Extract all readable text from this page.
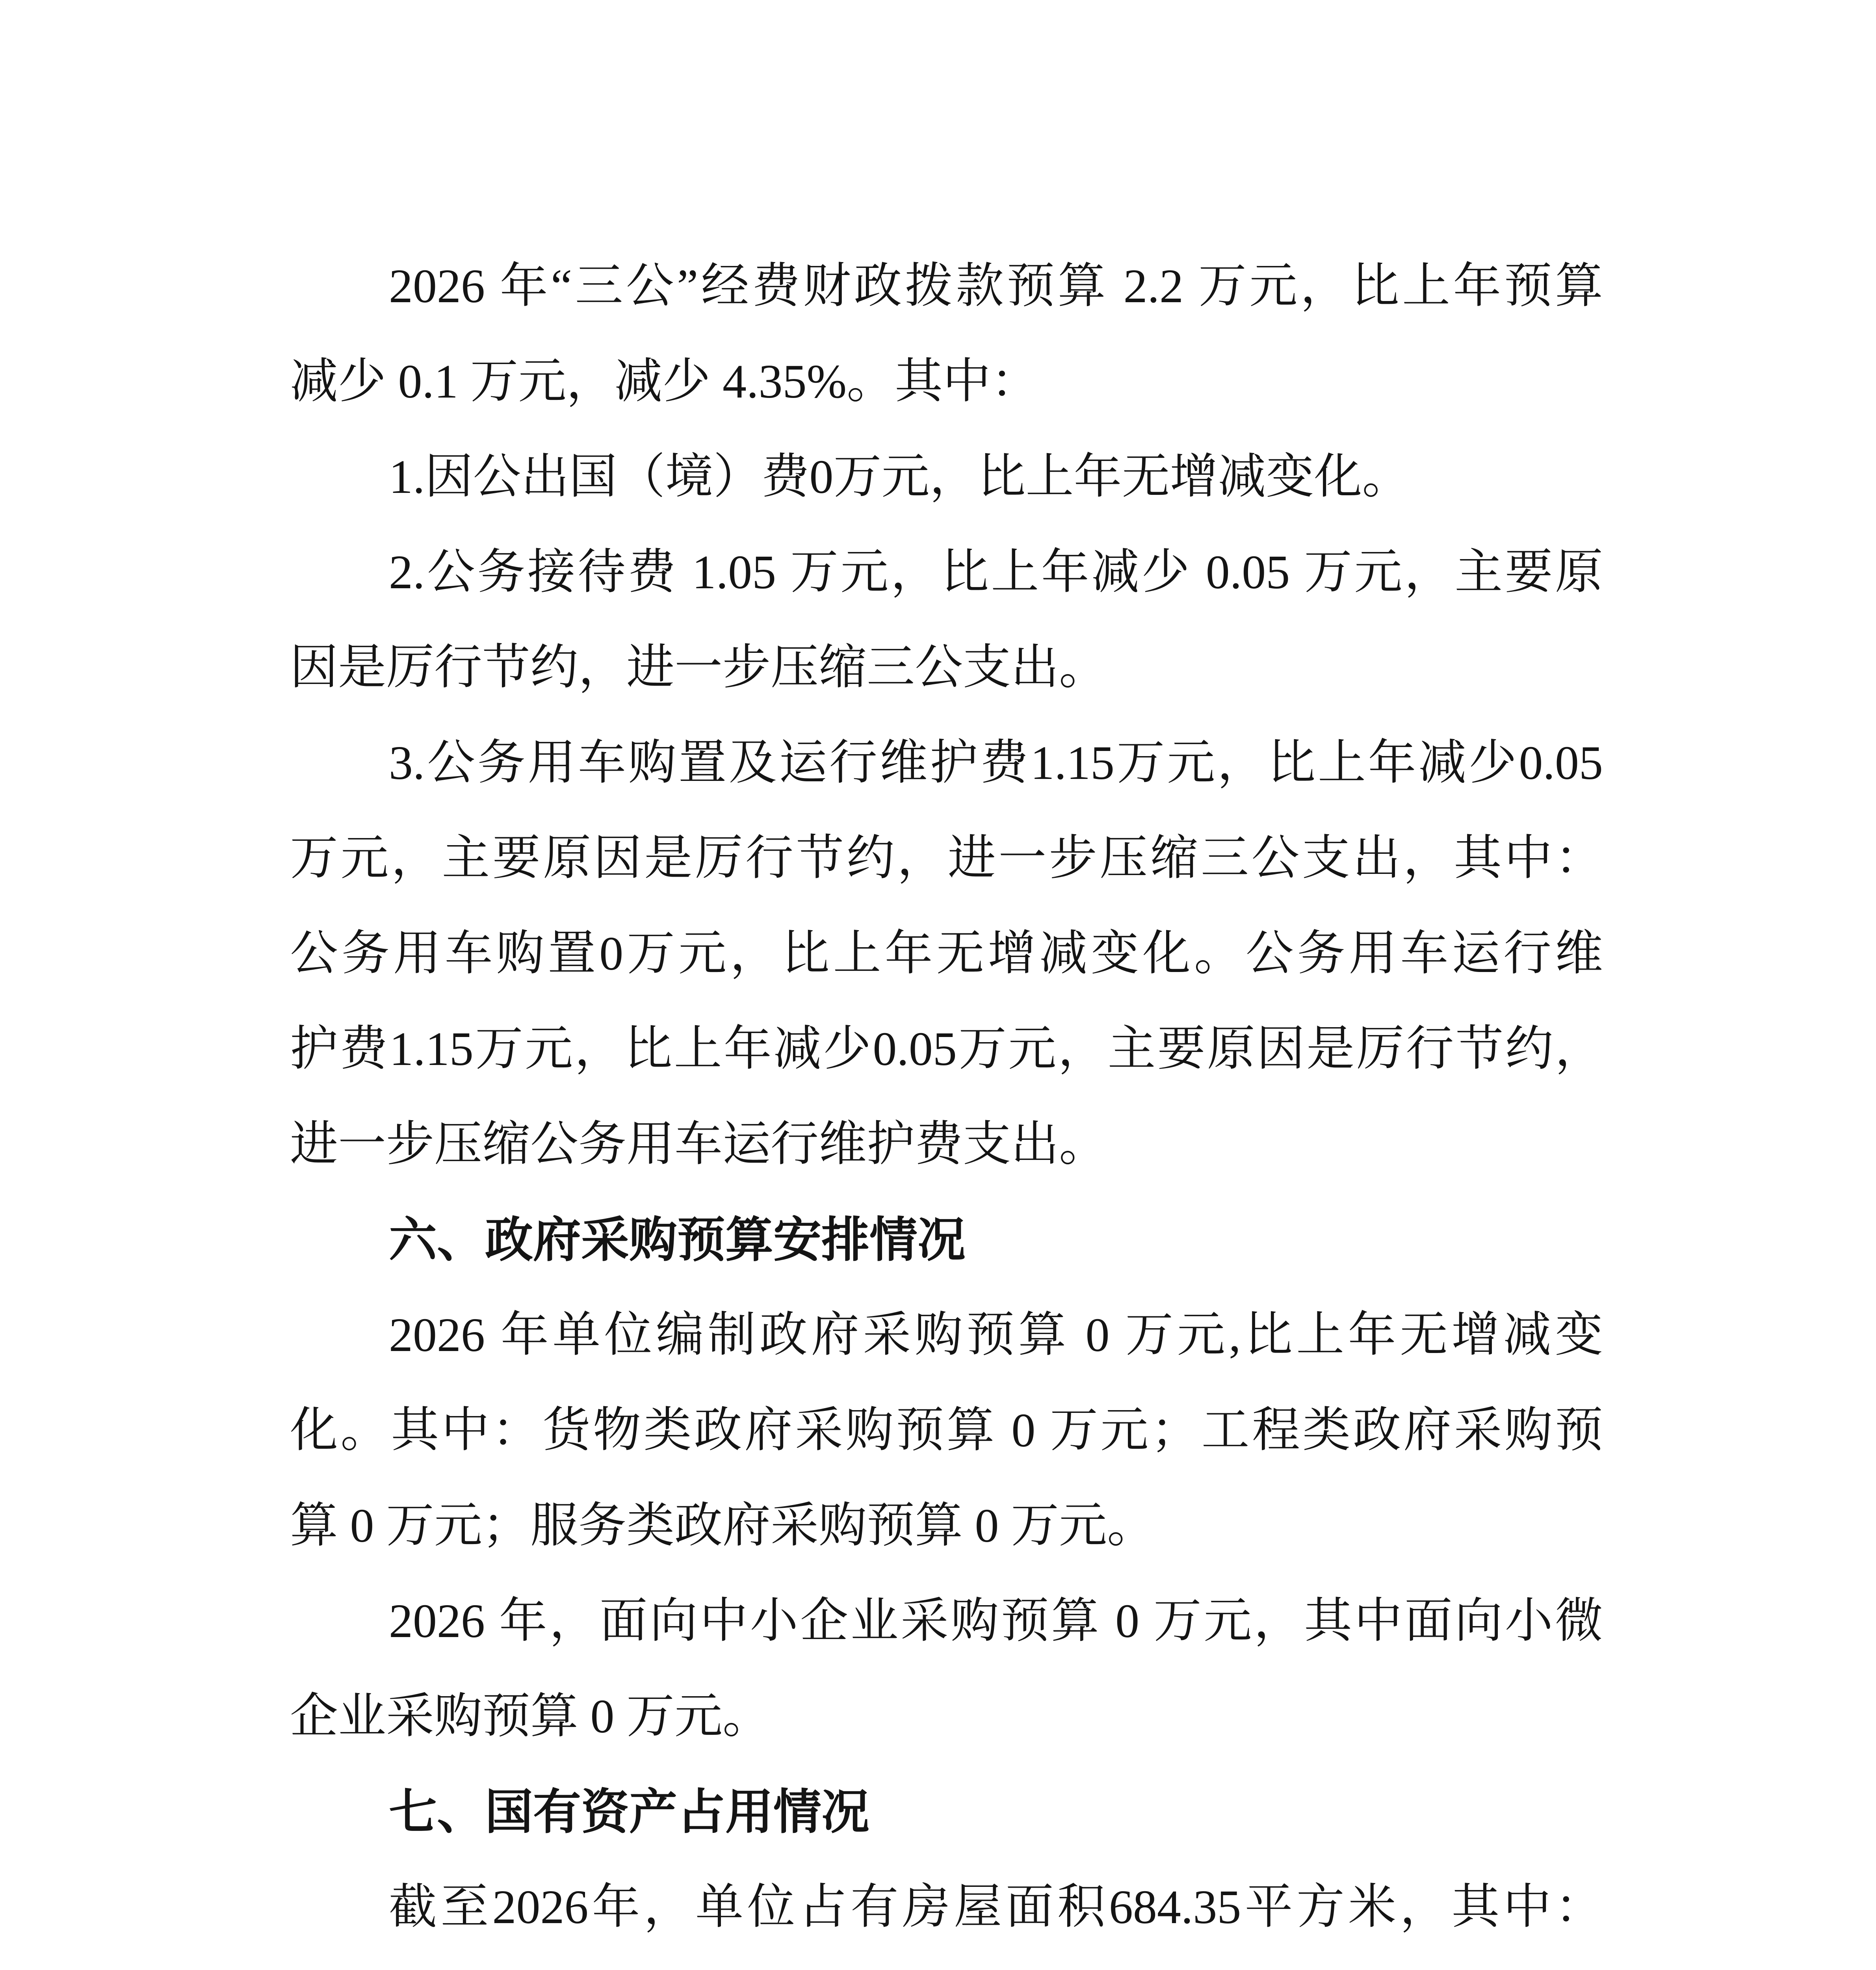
2026 年“三公”经费财政拨款预算 2.2 万元，比上年预算
减少 0.1 万元，减少 4.35%。其中：
1.因公出国（境）费0万元，比上年无增减变化。
2.公务接待费 1.05 万元，比上年减少 0.05 万元，主要原
因是厉行节约，进一步压缩三公支出。
3.公务用车购置及运行维护费1.15万元，比上年减少0.05
万元，主要原因是厉行节约，进一步压缩三公支出，其中：
公务用车购置0万元，比上年无增减变化。公务用车运行维
护费1.15万元，比上年减少0.05万元，主要原因是厉行节约，
进一步压缩公务用车运行维护费支出。
六、政府采购预算安排情况
2026 年单位编制政府采购预算 0 万元,比上年无增减变
化。其中：货物类政府采购预算 0 万元；工程类政府采购预
算 0 万元；服务类政府采购预算 0 万元。
2026 年，面向中小企业采购预算 0 万元，其中面向小微
企业采购预算 0 万元。
七、国有资产占用情况
截至2026年，单位占有房屋面积684.35平方米，其中：
